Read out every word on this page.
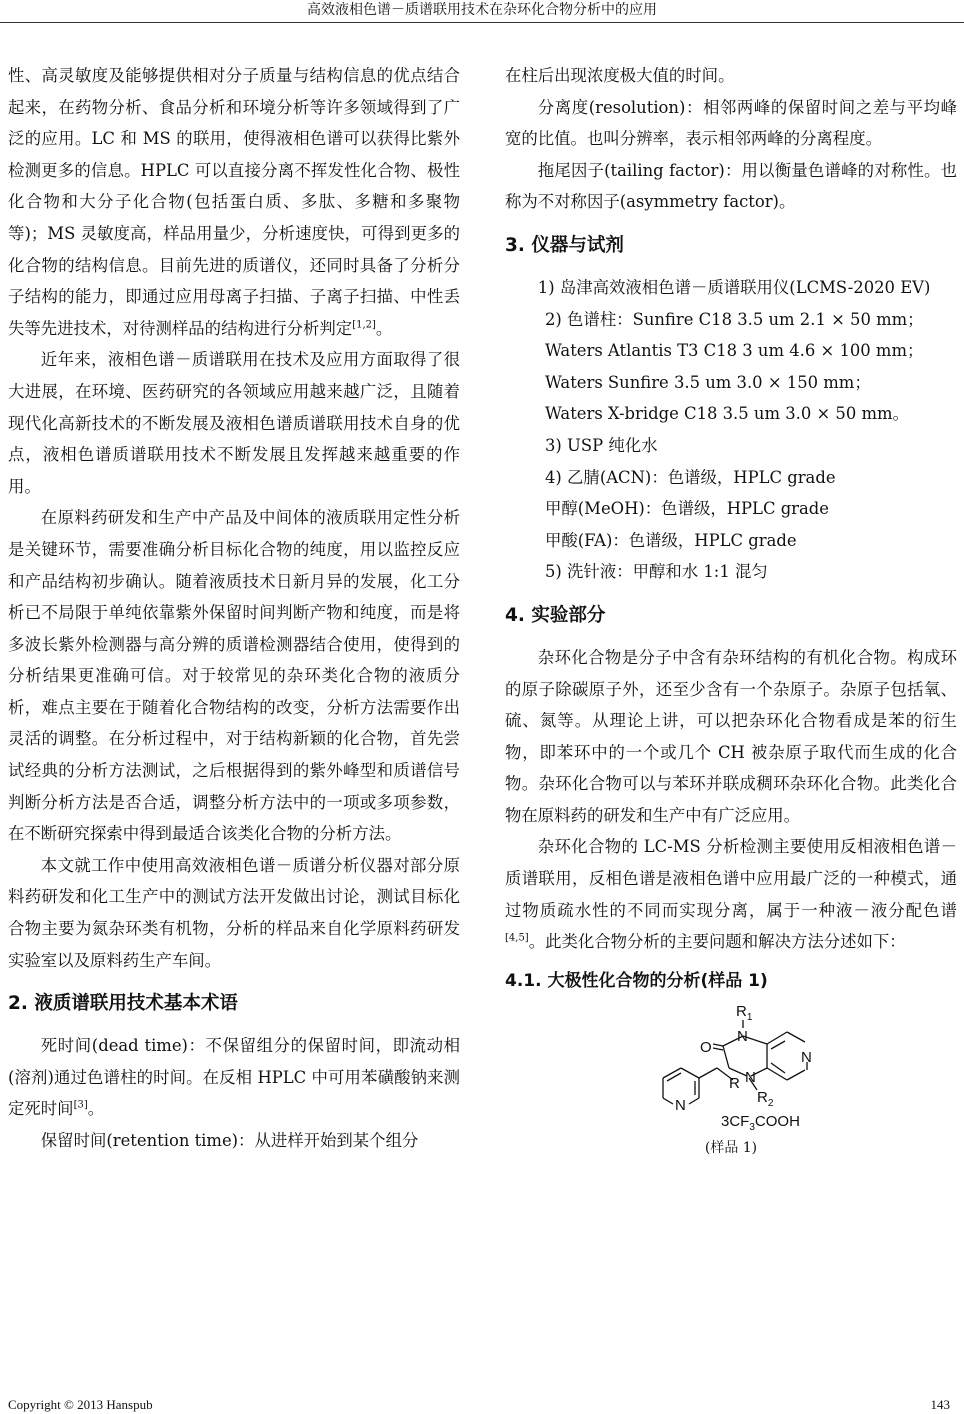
高效液相色谱－质谱联用技术在杂环化合物分析中的应用

性、高灵敏度及能够提供相对分子质量与结构信息的优点结合起来，在药物分析、食品分析和环境分析等许多领域得到了广泛的应用。LC 和 MS 的联用，使得液相色谱可以获得比紫外检测更多的信息。HPLC 可以直接分离不挥发性化合物、极性化合物和大分子化合物(包括蛋白质、多肽、多糖和多聚物等)；MS 灵敏度高，样品用量少，分析速度快，可得到更多的化合物的结构信息。目前先进的质谱仪，还同时具备了分析分子结构的能力，即通过应用母离子扫描、子离子扫描、中性丢失等先进技术，对待测样品的结构进行分析判定[1,2]。

近年来，液相色谱－质谱联用在技术及应用方面取得了很大进展，在环境、医药研究的各领域应用越来越广泛，且随着现代化高新技术的不断发展及液相色谱质谱联用技术自身的优点，液相色谱质谱联用技术不断发展且发挥越来越重要的作用。

在原料药研发和生产中产品及中间体的液质联用定性分析是关键环节，需要准确分析目标化合物的纯度，用以监控反应和产品结构初步确认。随着液质技术日新月异的发展，化工分析已不局限于单纯依靠紫外保留时间判断产物和纯度，而是将多波长紫外检测器与高分辨的质谱检测器结合使用，使得到的分析结果更准确可信。对于较常见的杂环类化合物的液质分析，难点主要在于随着化合物结构的改变，分析方法需要作出灵活的调整。在分析过程中，对于结构新颖的化合物，首先尝试经典的分析方法测试，之后根据得到的紫外峰型和质谱信号判断分析方法是否合适，调整分析方法中的一项或多项参数，在不断研究探索中得到最适合该类化合物的分析方法。

本文就工作中使用高效液相色谱－质谱分析仪器对部分原料药研发和化工生产中的测试方法开发做出讨论，测试目标化合物主要为氮杂环类有机物，分析的样品来自化学原料药研发实验室以及原料药生产车间。

2. 液质谱联用技术基本术语

死时间(dead time)：不保留组分的保留时间，即流动相(溶剂)通过色谱柱的时间。在反相 HPLC 中可用苯磺酸钠来测定死时间[3]。

保留时间(retention time)：从进样开始到某个组分

在柱后出现浓度极大值的时间。

分离度(resolution)：相邻两峰的保留时间之差与平均峰宽的比值。也叫分辨率，表示相邻两峰的分离程度。

拖尾因子(tailing factor)：用以衡量色谱峰的对称性。也称为不对称因子(asymmetry factor)。

3. 仪器与试剂

1) 岛津高效液相色谱－质谱联用仪(LCMS-2020 EV)

2) 色谱柱：Sunfire C18 3.5 um 2.1 × 50 mm；

Waters Atlantis T3 C18 3 um 4.6 × 100 mm；

Waters Sunfire 3.5 um 3.0 × 150 mm；

Waters X-bridge C18 3.5 um 3.0 × 50 mm。

3) USP 纯化水

4) 乙腈(ACN)：色谱级，HPLC grade

甲醇(MeOH)：色谱级，HPLC grade

甲酸(FA)：色谱级，HPLC grade

5) 洗针液：甲醇和水 1:1 混匀

4. 实验部分

杂环化合物是分子中含有杂环结构的有机化合物。构成环的原子除碳原子外，还至少含有一个杂原子。杂原子包括氧、硫、氮等。从理论上讲，可以把杂环化合物看成是苯的衍生物，即苯环中的一个或几个 CH 被杂原子取代而生成的化合物。杂环化合物可以与苯环并联成稠环杂环化合物。此类化合物在原料药的研发和生产中有广泛应用。

杂环化合物的 LC-MS 分析检测主要使用反相液相色谱－质谱联用，反相色谱是液相色谱中应用最广泛的一种模式，通过物质疏水性的不同而实现分离，属于一种液－液分配色谱[4,5]。此类化合物分析的主要问题和解决方法分述如下：

4.1. 大极性化合物的分析(样品 1)
$R_1$
N
O
N
N
R
$R_2$
N
$3CF_3COOH$
(样品 1)
Copyright © 2013 Hanspub	143
